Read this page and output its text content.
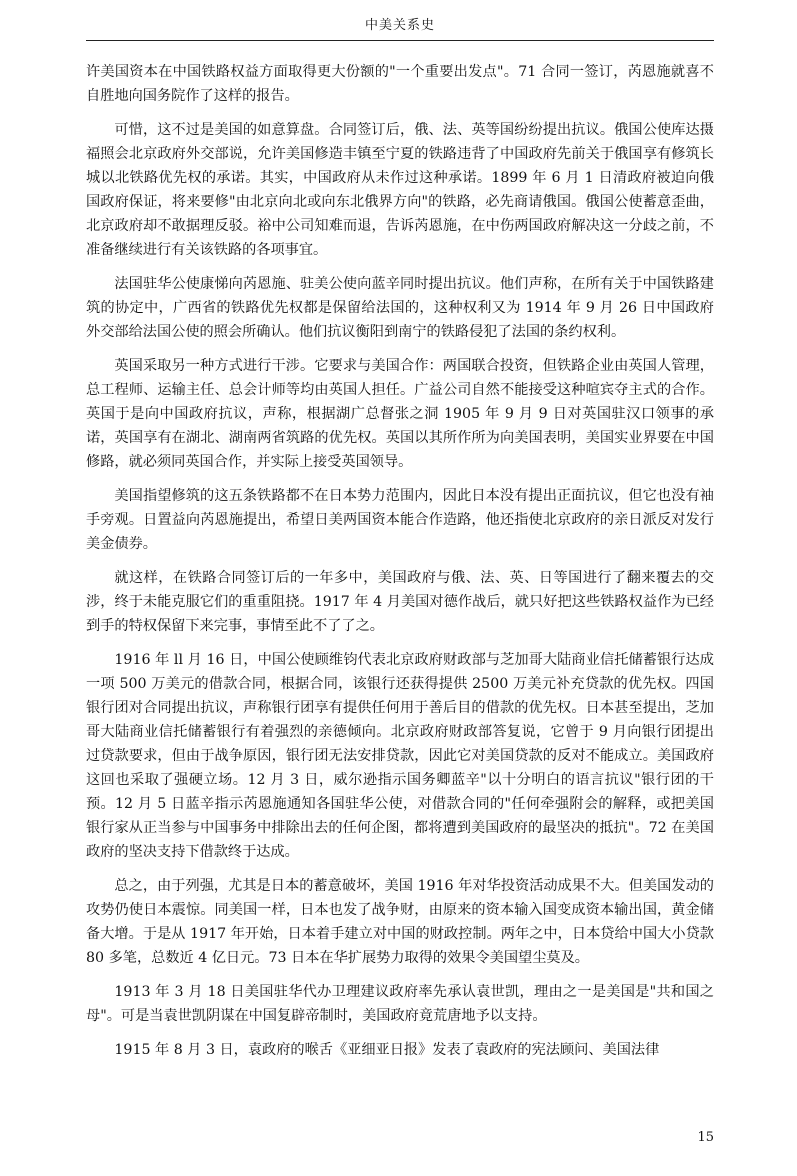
中美关系史

许美国资本在中国铁路权益方面取得更大份额的"一个重要出发点"。71 合同一签订，芮恩施就喜不自胜地向国务院作了这样的报告。

可惜，这不过是美国的如意算盘。合同签订后，俄、法、英等国纷纷提出抗议。俄国公使库达摄福照会北京政府外交部说，允许美国修造丰镇至宁夏的铁路违背了中国政府先前关于俄国享有修筑长城以北铁路优先权的承诺。其实，中国政府从未作过这种承诺。1899 年 6 月 1 日清政府被迫向俄国政府保证，将来要修"由北京向北或向东北俄界方向"的铁路，必先商请俄国。俄国公使蓄意歪曲，北京政府却不敢据理反驳。裕中公司知难而退，告诉芮恩施，在中伤两国政府解决这一分歧之前，不准备继续进行有关该铁路的各项事宜。

法国驻华公使康悌向芮恩施、驻美公使向蓝辛同时提出抗议。他们声称，在所有关于中国铁路建筑的协定中，广西省的铁路优先权都是保留给法国的，这种权利又为 1914 年 9 月 26 日中国政府外交部给法国公使的照会所确认。他们抗议衡阳到南宁的铁路侵犯了法国的条约权利。

英国采取另一种方式进行干涉。它要求与美国合作：两国联合投资，但铁路企业由英国人管理，总工程师、运输主任、总会计师等均由英国人担任。广益公司自然不能接受这种喧宾夺主式的合作。英国于是向中国政府抗议，声称，根据湖广总督张之洞 1905 年 9 月 9 日对英国驻汉口领事的承诺，英国享有在湖北、湖南两省筑路的优先权。英国以其所作所为向美国表明，美国实业界要在中国修路，就必须同英国合作，并实际上接受英国领导。

美国指望修筑的这五条铁路都不在日本势力范围内，因此日本没有提出正面抗议，但它也没有袖手旁观。日置益向芮恩施提出，希望日美两国资本能合作造路，他还指使北京政府的亲日派反对发行美金债券。

就这样，在铁路合同签订后的一年多中，美国政府与俄、法、英、日等国进行了翻来覆去的交涉，终于未能克服它们的重重阻挠。1917 年 4 月美国对德作战后，就只好把这些铁路权益作为已经到手的特权保留下来完事，事情至此不了了之。

1916 年 ll 月 16 日，中国公使顾维钧代表北京政府财政部与芝加哥大陆商业信托储蓄银行达成一项 500 万美元的借款合同，根据合同，该银行还获得提供 2500 万美元补充贷款的优先权。四国银行团对合同提出抗议，声称银行团享有提供任何用于善后目的借款的优先权。日本甚至提出，芝加哥大陆商业信托储蓄银行有着强烈的亲德倾向。北京政府财政部答复说，它曾于 9 月向银行团提出过贷款要求，但由于战争原因，银行团无法安排贷款，因此它对美国贷款的反对不能成立。美国政府这回也采取了强硬立场。12 月 3 日，威尔逊指示国务卿蓝辛"以十分明白的语言抗议"银行团的干预。12 月 5 日蓝辛指示芮恩施通知各国驻华公使，对借款合同的"任何牵强附会的解释，或把美国银行家从正当参与中国事务中排除出去的任何企图，都将遭到美国政府的最坚决的抵抗"。72 在美国政府的坚决支持下借款终于达成。

总之，由于列强，尤其是日本的蓄意破坏，美国 1916 年对华投资活动成果不大。但美国发动的攻势仍使日本震惊。同美国一样，日本也发了战争财，由原来的资本输入国变成资本输出国，黄金储备大增。于是从 1917 年开始，日本着手建立对中国的财政控制。两年之中，日本贷给中国大小贷款 80 多笔，总数近 4 亿日元。73 日本在华扩展势力取得的效果令美国望尘莫及。

1913 年 3 月 18 日美国驻华代办卫理建议政府率先承认袁世凯，理由之一是美国是"共和国之母"。可是当袁世凯阴谋在中国复辟帝制时，美国政府竟荒唐地予以支持。

1915 年 8 月 3 日，袁政府的喉舌《亚细亚日报》发表了袁政府的宪法顾问、美国法律

15
